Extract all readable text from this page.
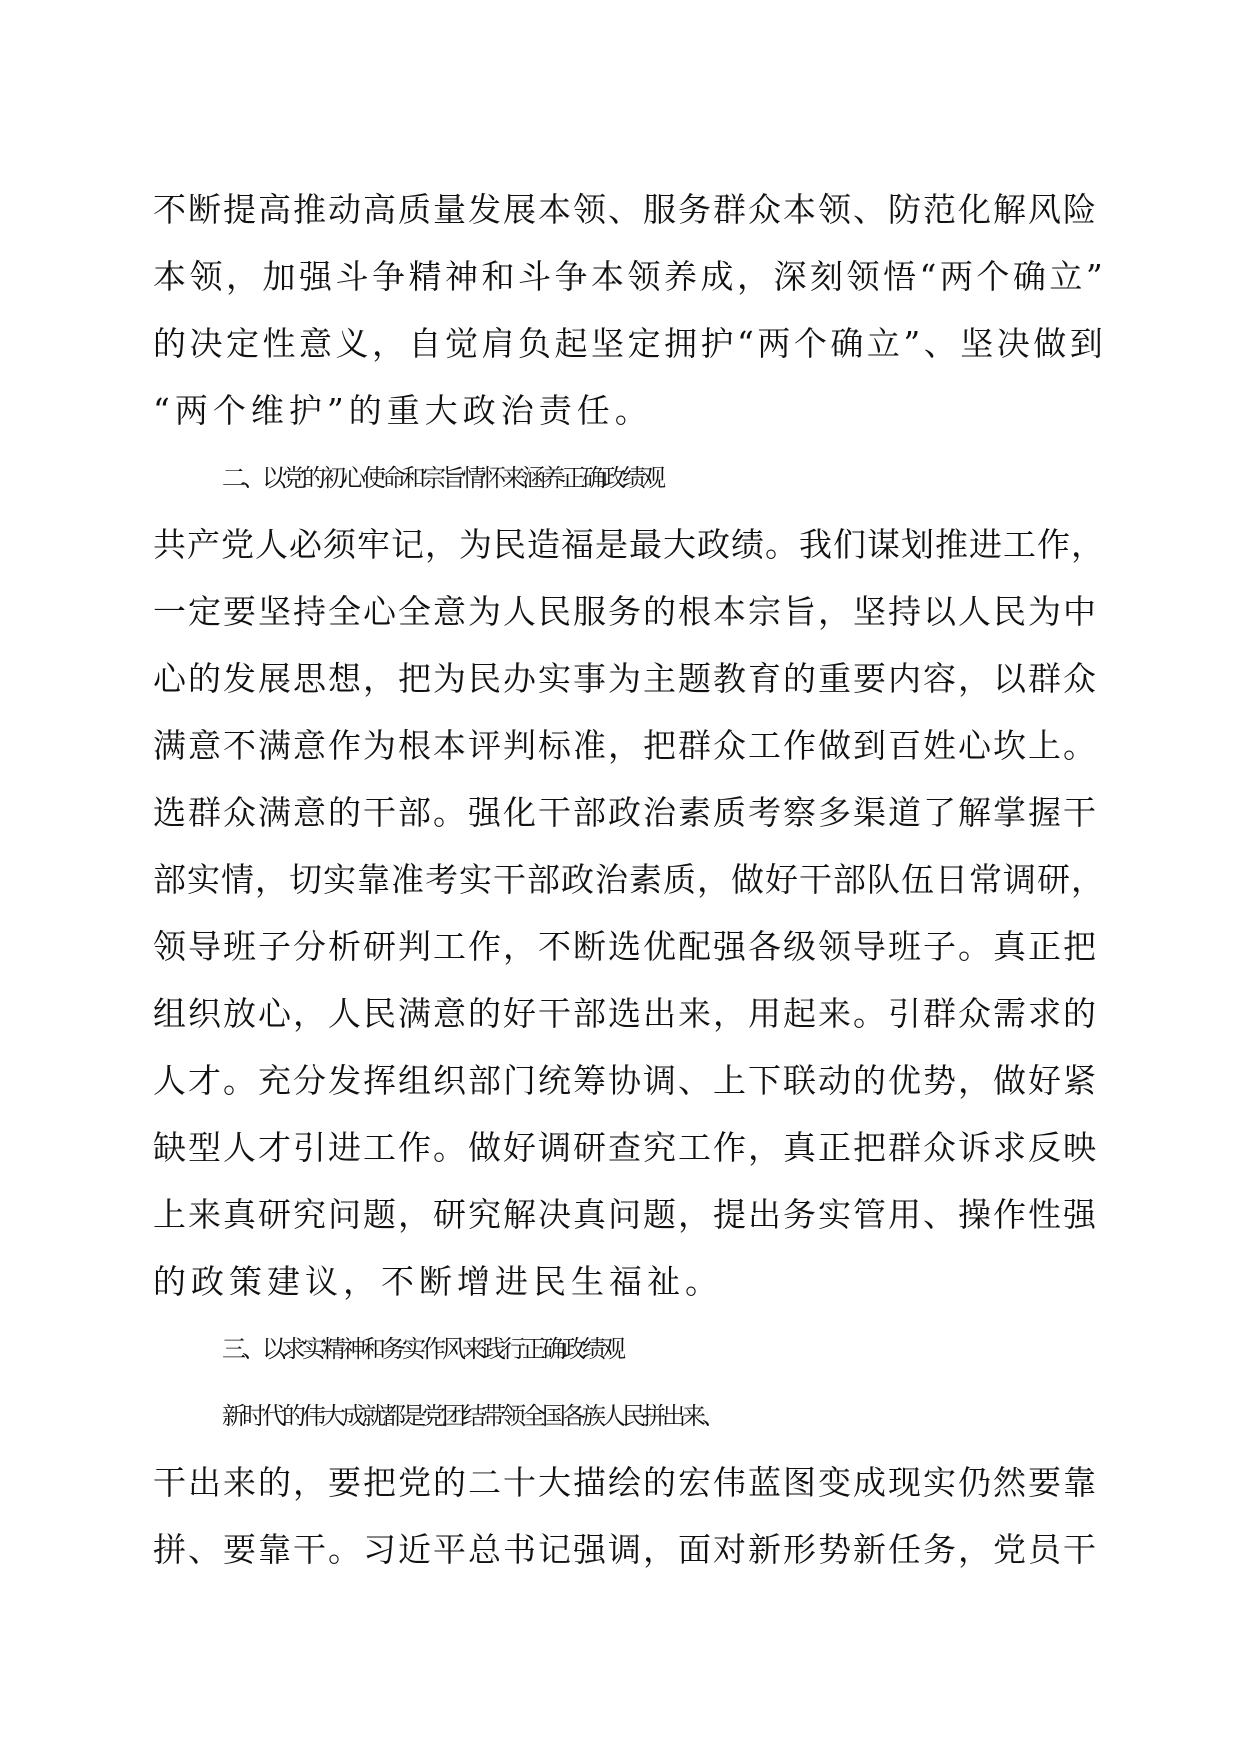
不断提高推动高质量发展本领、服务群众本领、防范化解风险
本领，加强斗争精神和斗争本领养成，深刻领悟“两个确立”
的决定性意义，自觉肩负起坚定拥护“两个确立”、坚决做到
“两个维护”的重大政治责任。
二、以党的初心使命和宗旨情怀来涵养正确政绩观
共产党人必须牢记，为民造福是最大政绩。我们谋划推进工作，
一定要坚持全心全意为人民服务的根本宗旨，坚持以人民为中
心的发展思想，把为民办实事为主题教育的重要内容，以群众
满意不满意作为根本评判标准，把群众工作做到百姓心坎上。
选群众满意的干部。强化干部政治素质考察多渠道了解掌握干
部实情，切实靠准考实干部政治素质，做好干部队伍日常调研，
领导班子分析研判工作，不断选优配强各级领导班子。真正把
组织放心，人民满意的好干部选出来，用起来。引群众需求的
人才。充分发挥组织部门统筹协调、上下联动的优势，做好紧
缺型人才引进工作。做好调研查究工作，真正把群众诉求反映
上来真研究问题，研究解决真问题，提出务实管用、操作性强
的政策建议，不断增进民生福祉。
三、以求实精神和务实作风来践行正确政绩观
新时代的伟大成就都是党团结带领全国各族人民拼出来、
干出来的，要把党的二十大描绘的宏伟蓝图变成现实仍然要靠
拼、要靠干。习近平总书记强调，面对新形势新任务，党员干
